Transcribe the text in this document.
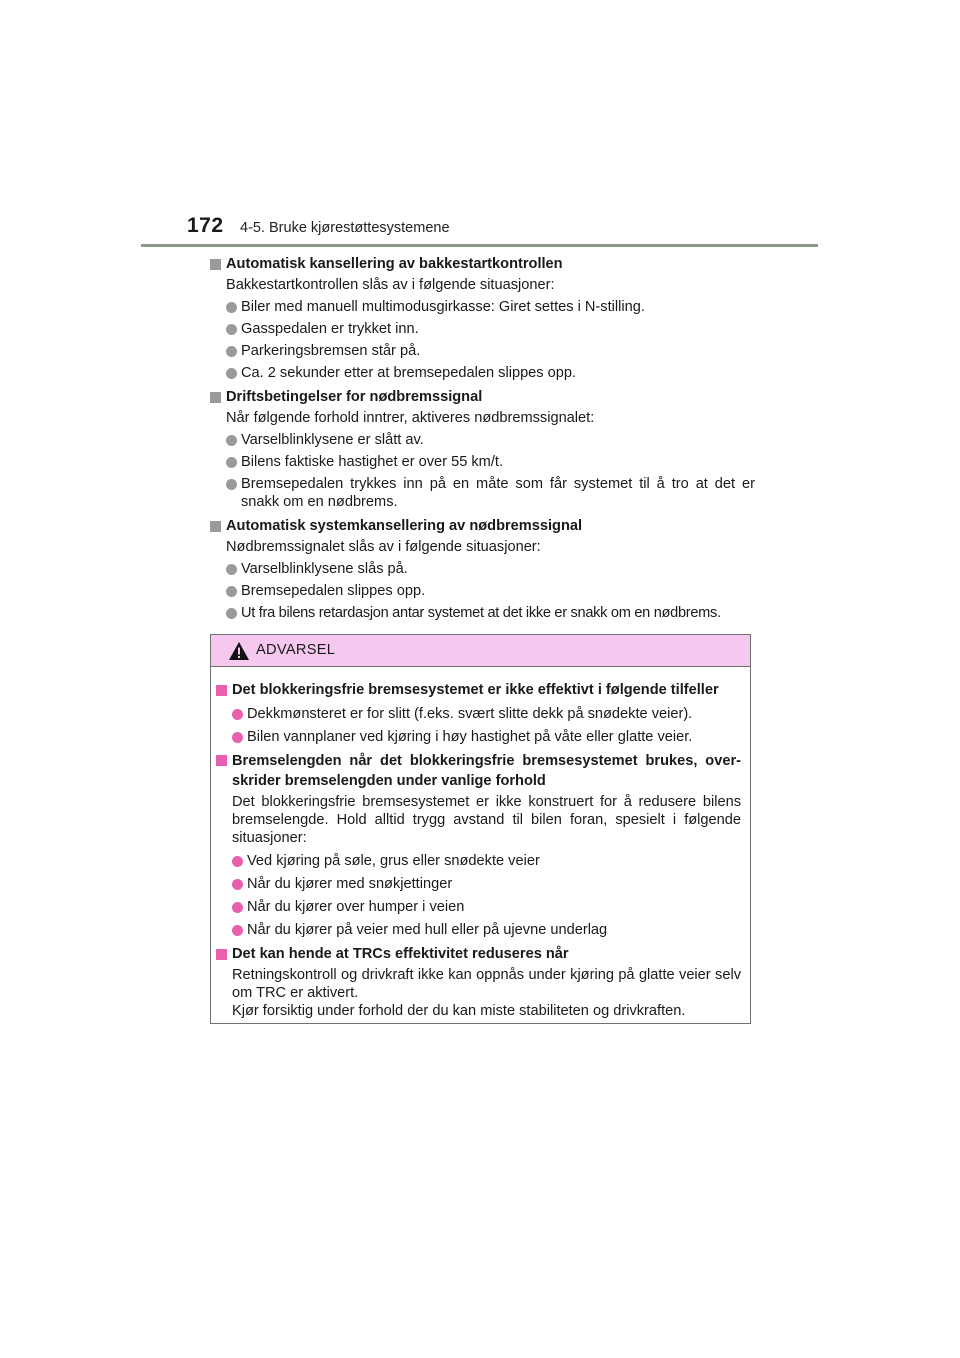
172 4-5. Bruke kjørestøttesystemene
Automatisk kansellering av bakkestartkontrollen
Bakkestartkontrollen slås av i følgende situasjoner:
Biler med manuell multimodusgirkasse: Giret settes i N-stilling.
Gasspedalen er trykket inn.
Parkeringsbremsen står på.
Ca. 2 sekunder etter at bremsepedalen slippes opp.
Driftsbetingelser for nødbremssignal
Når følgende forhold inntrer, aktiveres nødbremssignalet:
Varselblinklysene er slått av.
Bilens faktiske hastighet er over 55 km/t.
Bremsepedalen trykkes inn på en måte som får systemet til å tro at det er snakk om en nødbrems.
Automatisk systemkansellering av nødbremssignal
Nødbremssignalet slås av i følgende situasjoner:
Varselblinklysene slås på.
Bremsepedalen slippes opp.
Ut fra bilens retardasjon antar systemet at det ikke er snakk om en nødbrems.
ADVARSEL
Det blokkeringsfrie bremsesystemet er ikke effektivt i følgende tilfeller
Dekkmønsteret er for slitt (f.eks. svært slitte dekk på snødekte veier).
Bilen vannplaner ved kjøring i høy hastighet på våte eller glatte veier.
Bremselengden når det blokkeringsfrie bremsesystemet brukes, over-skrider bremselengden under vanlige forhold
Det blokkeringsfrie bremsesystemet er ikke konstruert for å redusere bilens bremselengde. Hold alltid trygg avstand til bilen foran, spesielt i følgende situasjoner:
Ved kjøring på søle, grus eller snødekte veier
Når du kjører med snøkjettinger
Når du kjører over humper i veien
Når du kjører på veier med hull eller på ujevne underlag
Det kan hende at TRCs effektivitet reduseres når
Retningskontroll og drivkraft ikke kan oppnås under kjøring på glatte veier selv om TRC er aktivert.
Kjør forsiktig under forhold der du kan miste stabiliteten og drivkraften.
